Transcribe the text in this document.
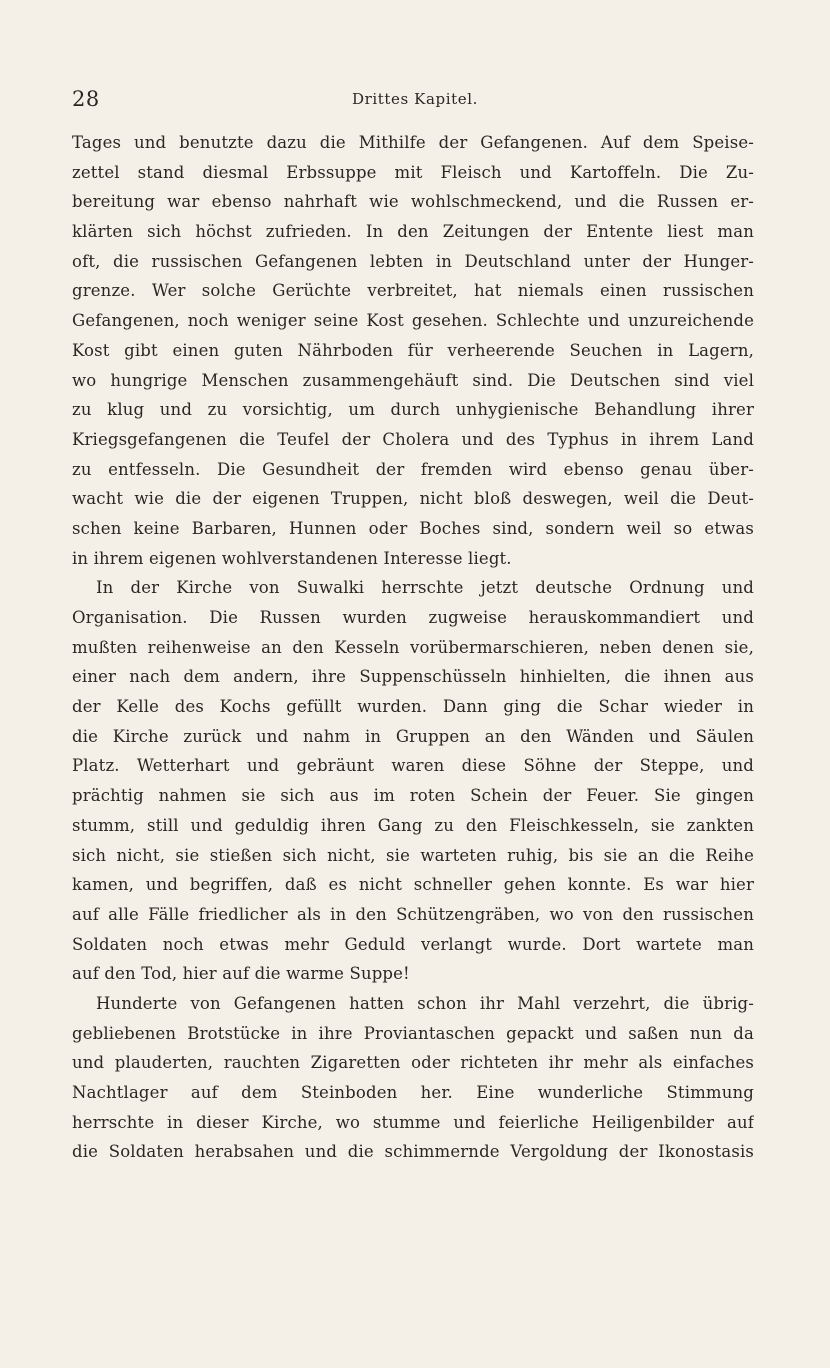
28	Drittes Kapitel.
Tages und benutzte dazu die Mithilfe der Gefangenen. Auf dem Speise-
zettel stand diesmal Erbssuppe mit Fleisch und Kartoffeln. Die Zu-
bereitung war ebenso nahrhaft wie wohlschmeckend, und die Russen er-
klärten sich höchst zufrieden. In den Zeitungen der Entente liest man
oft, die russischen Gefangenen lebten in Deutschland unter der Hunger-
grenze. Wer solche Gerüchte verbreitet, hat niemals einen russischen
Gefangenen, noch weniger seine Kost gesehen. Schlechte und unzureichende
Kost gibt einen guten Nährboden für verheerende Seuchen in Lagern,
wo hungrige Menschen zusammengehäuft sind. Die Deutschen sind viel
zu klug und zu vorsichtig, um durch unhygienische Behandlung ihrer
Kriegsgefangenen die Teufel der Cholera und des Typhus in ihrem Land
zu entfesseln. Die Gesundheit der fremden wird ebenso genau über-
wacht wie die der eigenen Truppen, nicht bloß deswegen, weil die Deut-
schen keine Barbaren, Hunnen oder Boches sind, sondern weil so etwas
in ihrem eigenen wohlverstandenen Interesse liegt.
In der Kirche von Suwalki herrschte jetzt deutsche Ordnung und
Organisation. Die Russen wurden zugweise herauskommandiert und
mußten reihenweise an den Kesseln vorübermarschieren, neben denen sie,
einer nach dem andern, ihre Suppenschüsseln hinhielten, die ihnen aus
der Kelle des Kochs gefüllt wurden. Dann ging die Schar wieder in
die Kirche zurück und nahm in Gruppen an den Wänden und Säulen
Platz. Wetterhart und gebräunt waren diese Söhne der Steppe, und
prächtig nahmen sie sich aus im roten Schein der Feuer. Sie gingen
stumm, still und geduldig ihren Gang zu den Fleischkesseln, sie zankten
sich nicht, sie stießen sich nicht, sie warteten ruhig, bis sie an die Reihe
kamen, und begriffen, daß es nicht schneller gehen konnte. Es war hier
auf alle Fälle friedlicher als in den Schützengräben, wo von den russischen
Soldaten noch etwas mehr Geduld verlangt wurde. Dort wartete man
auf den Tod, hier auf die warme Suppe!
Hunderte von Gefangenen hatten schon ihr Mahl verzehrt, die übrig-
gebliebenen Brotstücke in ihre Proviantaschen gepackt und saßen nun da
und plauderten, rauchten Zigaretten oder richteten ihr mehr als einfaches
Nachtlager auf dem Steinboden her. Eine wunderliche Stimmung
herrschte in dieser Kirche, wo stumme und feierliche Heiligenbilder auf
die Soldaten herabsahen und die schimmernde Vergoldung der Ikonostasis
